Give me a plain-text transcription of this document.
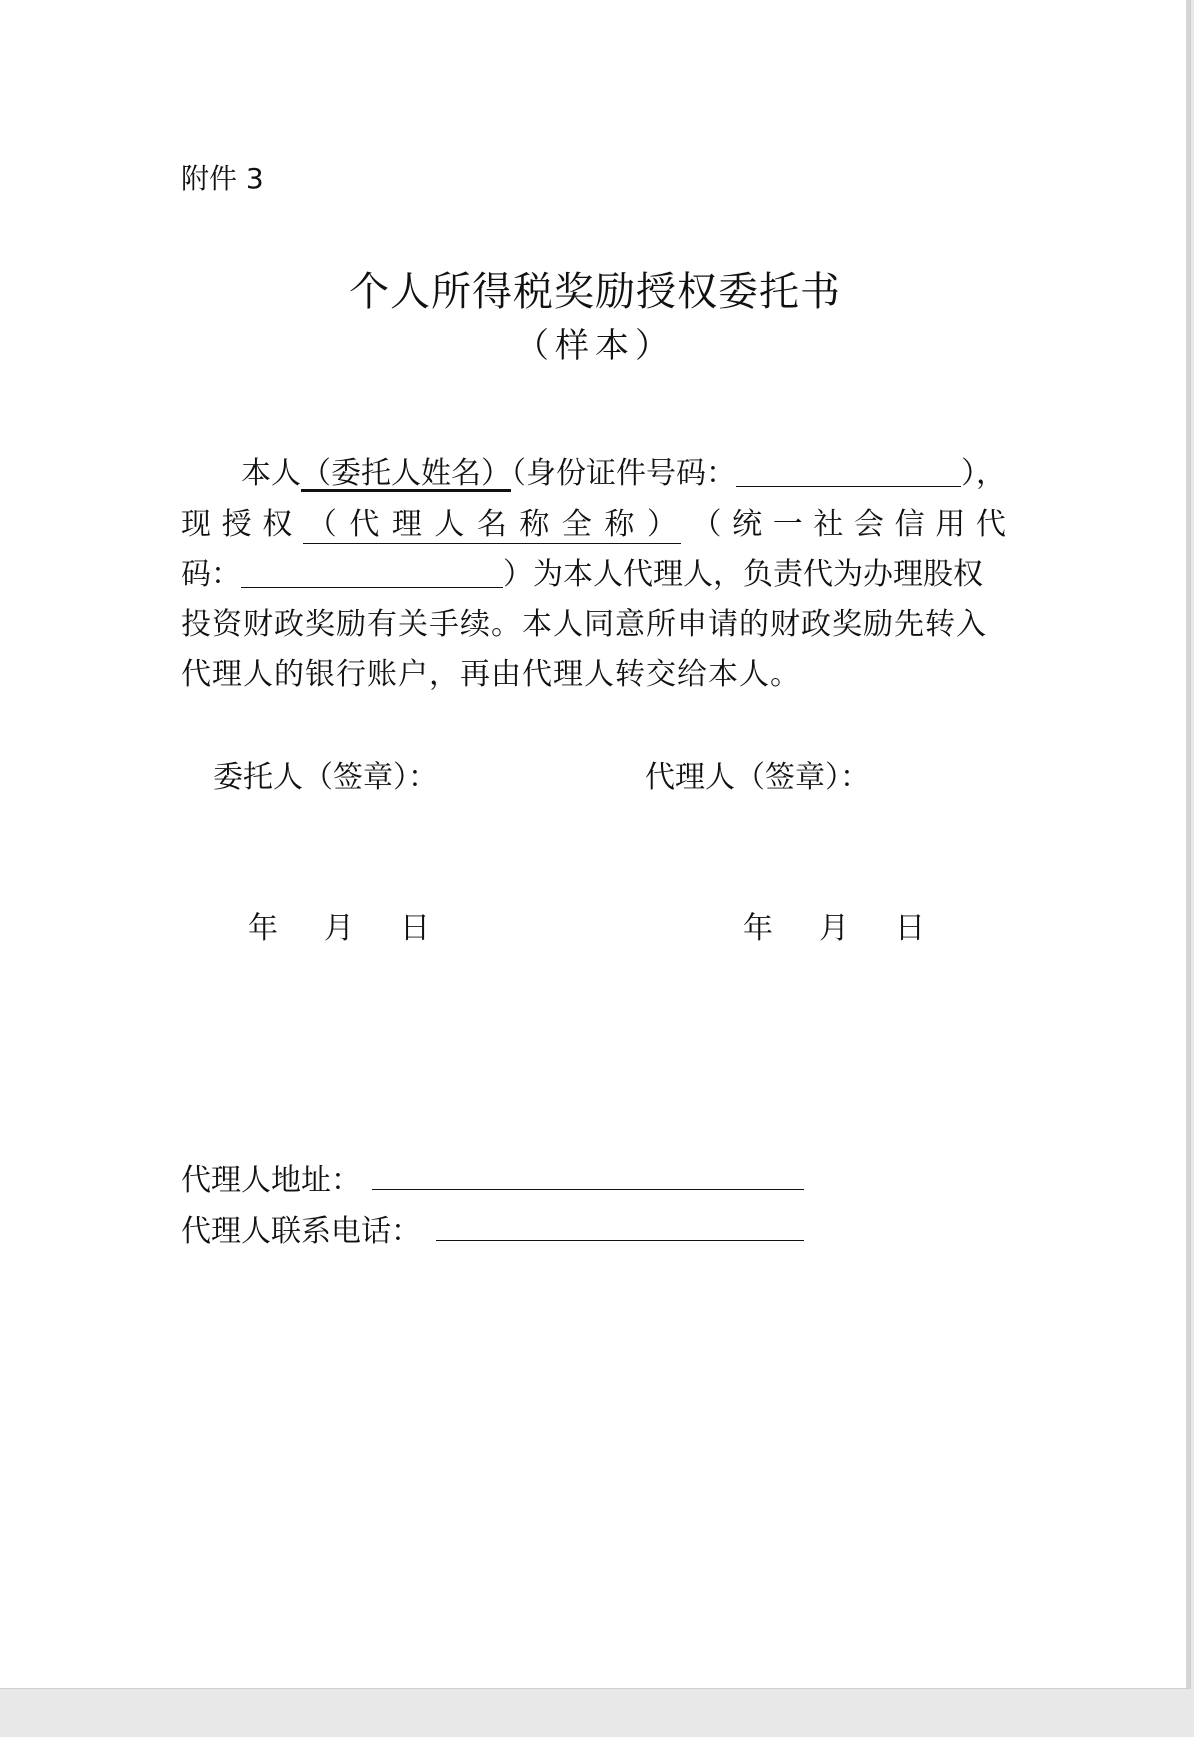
附件 3
个人所得税奖励授权委托书
（样本）
本人（委托人姓名）（身份证件号码：	），
现 授 权 （ 代 理 人 名 称 全 称 ） （ 统 一 社 会 信 用 代
码：	）为本人代理人，负责代为办理股权
投资财政奖励有关手续。本人同意所申请的财政奖励先转入
代理人的银行账户，再由代理人转交给本人。
委托人（签章）：	代理人（签章）：
年 月 日	年 月 日
代理人地址：
代理人联系电话：
